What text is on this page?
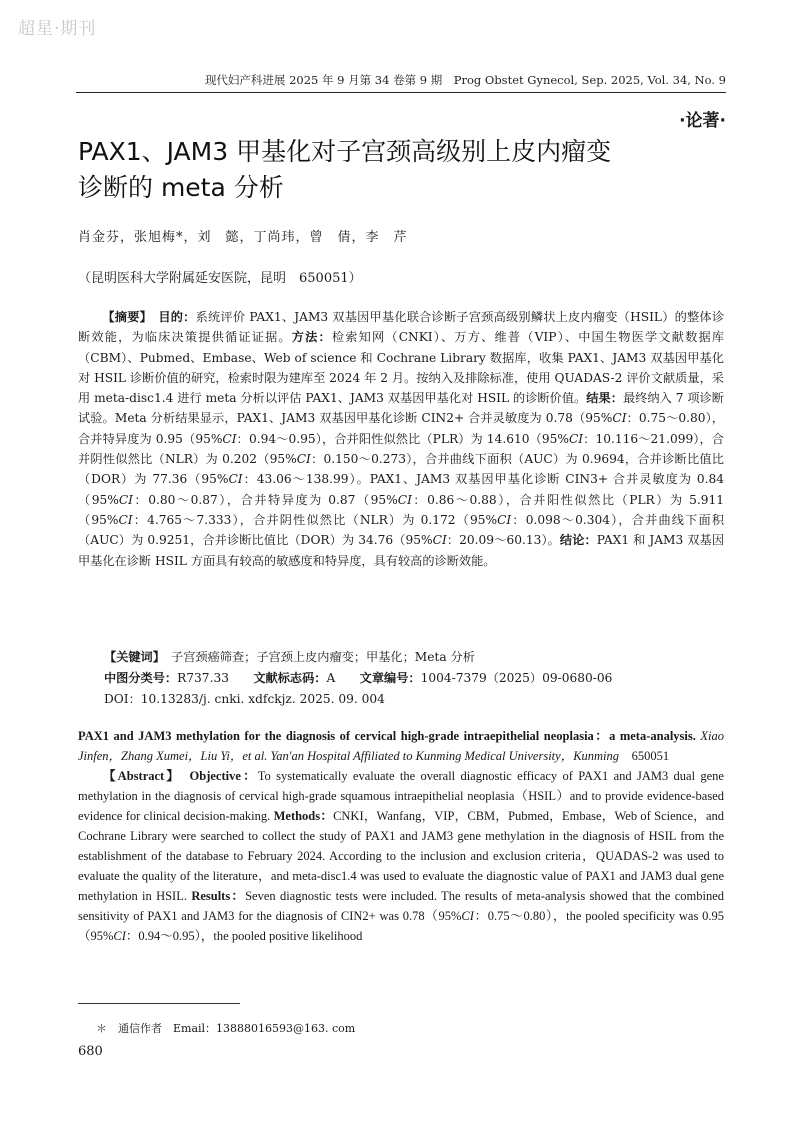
超星·期刊
现代妇产科进展 2025 年 9 月第 34 卷第 9 期　Prog Obstet Gynecol, Sep. 2025, Vol. 34, No. 9
·论著·
PAX1、JAM3 甲基化对子宫颈高级别上皮内瘤变
诊断的 meta 分析
肖金芬，张旭梅*，刘　懿，丁尚玮，曾　倩，李　芹
（昆明医科大学附属延安医院，昆明　650051）
【摘要】　 目的：系统评价 PAX1、JAM3 双基因甲基化联合诊断子宫颈高级别鳞状上皮内瘤变（HSIL）的整体诊断效能，为临床决策提供循证证据。方法：检索知网（CNKI）、万方、维普（VIP）、中国生物医学文献数据库（CBM）、Pubmed、Embase、Web of science 和 Cochrane Library 数据库，收集 PAX1、JAM3 双基因甲基化对 HSIL 诊断价值的研究，检索时限为建库至 2024 年 2 月。按纳入及排除标准，使用 QUADAS-2 评价文献质量，采用 meta-disc1.4 进行 meta 分析以评估 PAX1、JAM3 双基因甲基化对 HSIL 的诊断价值。结果：最终纳入 7 项诊断试验。Meta 分析结果显示，PAX1、JAM3 双基因甲基化诊断 CIN2+ 合并灵敏度为 0.78（95%CI：0.75～0.80），合并特异度为 0.95（95%CI：0.94～0.95），合并阳性似然比（PLR）为 14.610（95%CI：10.116～21.099），合并阴性似然比（NLR）为 0.202（95%CI：0.150～0.273），合并曲线下面积（AUC）为 0.9694，合并诊断比值比（DOR）为 77.36（95%CI：43.06～138.99）。PAX1、JAM3 双基因甲基化诊断 CIN3+ 合并灵敏度为 0.84（95%CI：0.80～0.87），合并特异度为 0.87（95%CI：0.86～0.88），合并阳性似然比（PLR）为 5.911（95%CI：4.765～7.333），合并阴性似然比（NLR）为 0.172（95%CI：0.098～0.304），合并曲线下面积（AUC）为 0.9251，合并诊断比值比（DOR）为 34.76（95%CI：20.09～60.13）。结论：PAX1 和 JAM3 双基因甲基化在诊断 HSIL 方面具有较高的敏感度和特异度，具有较高的诊断效能。
【关键词】　 子宫颈癌筛查；子宫颈上皮内瘤变；甲基化；Meta 分析
中图分类号：R737.33　　 文献标志码：A　　 文章编号：1004-7379（2025）09-0680-06
DOI：10.13283/j. cnki. xdfckjz. 2025. 09. 004
PAX1 and JAM3 methylation for the diagnosis of cervical high-grade intraepithelial neoplasia：a meta-analysis. Xiao Jinfen，Zhang Xumei，Liu Yi，et al. Yan′an Hospital Affiliated to Kunming Medical University，Kunming　 650051
【Abstract】　 Objective：To systematically evaluate the overall diagnostic efficacy of PAX1 and JAM3 dual gene methylation in the diagnosis of cervical high-grade squamous intraepithelial neoplasia（HSIL）and to provide evidence-based evidence for clinical decision-making. Methods：CNKI，Wanfang，VIP，CBM，Pubmed，Embase，Web of Science，and Cochrane Library were searched to collect the study of PAX1 and JAM3 gene methylation in the diagnosis of HSIL from the establishment of the database to February 2024. According to the inclusion and exclusion criteria，QUADAS-2 was used to evaluate the quality of the literature，and meta-disc1.4 was used to evaluate the diagnostic value of PAX1 and JAM3 dual gene methylation in HSIL. Results：Seven diagnostic tests were included. The results of meta-analysis showed that the combined sensitivity of PAX1 and JAM3 for the diagnosis of CIN2+ was 0.78（95%CI：0.75～0.80），the pooled specificity was 0.95（95%CI：0.94～0.95），the pooled positive likelihood
＊　通信作者　Email：13888016593@163. com
680
